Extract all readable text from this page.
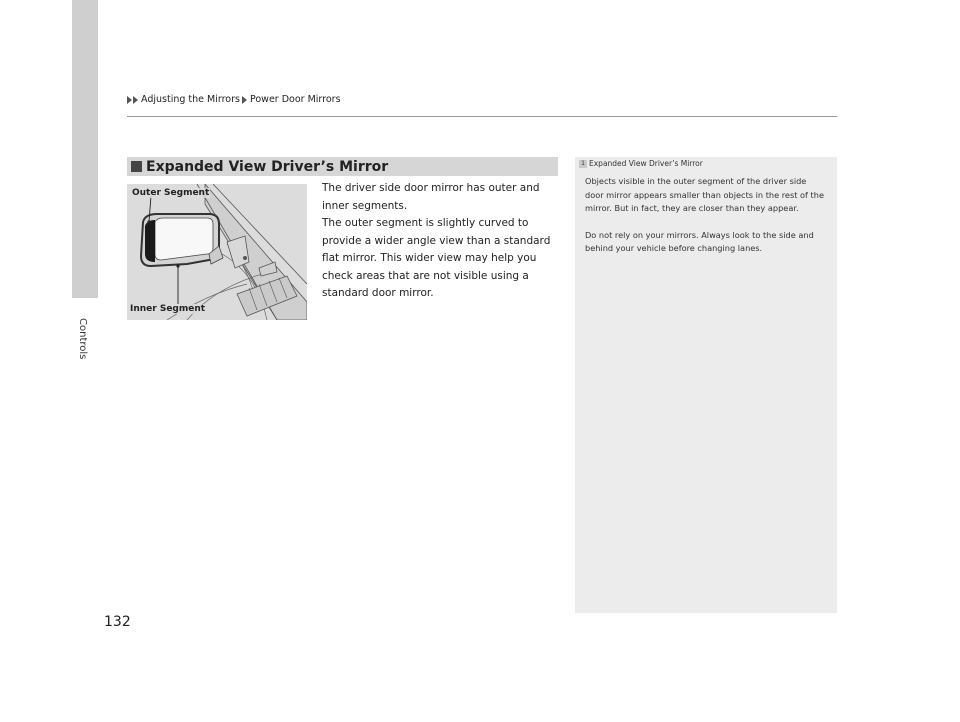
Controls
Adjusting the Mirrors Power Door Mirrors
Expanded View Driver’s Mirror
Outer Segment
Inner Segment

The driver side door mirror has outer and inner segments.

The outer segment is slightly curved to provide a wider angle view than a standard flat mirror. This wider view may help you check areas that are not visible using a standard door mirror.

1 Expanded View Driver’s Mirror

Objects visible in the outer segment of the driver side door mirror appears smaller than objects in the rest of the mirror. But in fact, they are closer than they appear.

Do not rely on your mirrors. Always look to the side and behind your vehicle before changing lanes.

132
